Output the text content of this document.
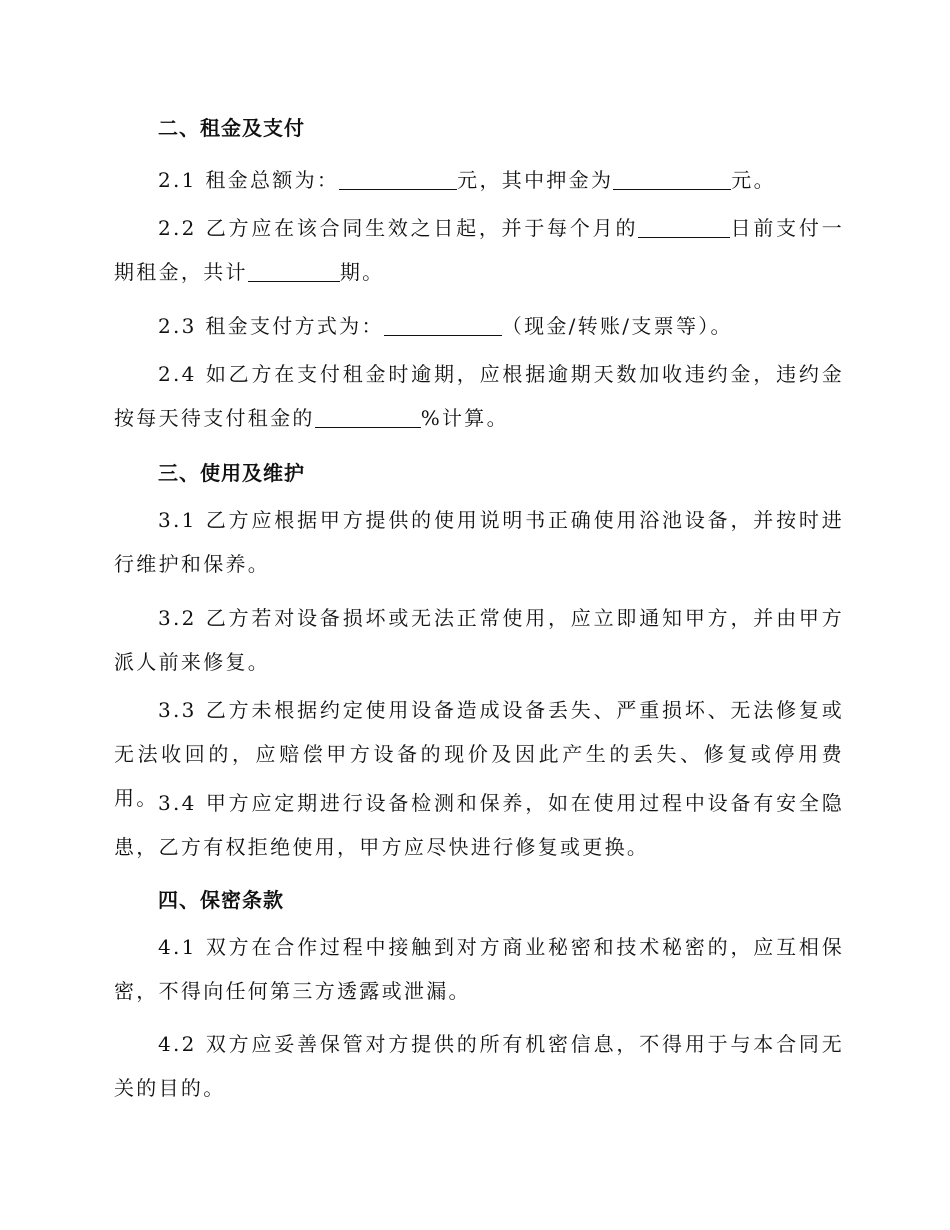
二、租金及支付

2.1 租金总额为：	元，其中押金为	元。

2.2 乙方应在该合同生效之日起，并于每个月的	日前支付一期租金，共计	期。

2.3 租金支付方式为：	（现金/转账/支票等）。

2.4 如乙方在支付租金时逾期，应根据逾期天数加收违约金，违约金按每天待支付租金的	%计算。

三、使用及维护

3.1 乙方应根据甲方提供的使用说明书正确使用浴池设备，并按时进行维护和保养。

3.2 乙方若对设备损坏或无法正常使用，应立即通知甲方，并由甲方派人前来修复。

3.3 乙方未根据约定使用设备造成设备丢失、严重损坏、无法修复或无法收回的，应赔偿甲方设备的现价及因此产生的丢失、修复或停用费用。 3.4 甲方应定期进行设备检测和保养，如在使用过程中设备有安全隐患，乙方有权拒绝使用，甲方应尽快进行修复或更换。

四、保密条款

4.1 双方在合作过程中接触到对方商业秘密和技术秘密的，应互相保密，不得向任何第三方透露或泄漏。

4.2 双方应妥善保管对方提供的所有机密信息，不得用于与本合同无关的目的。
